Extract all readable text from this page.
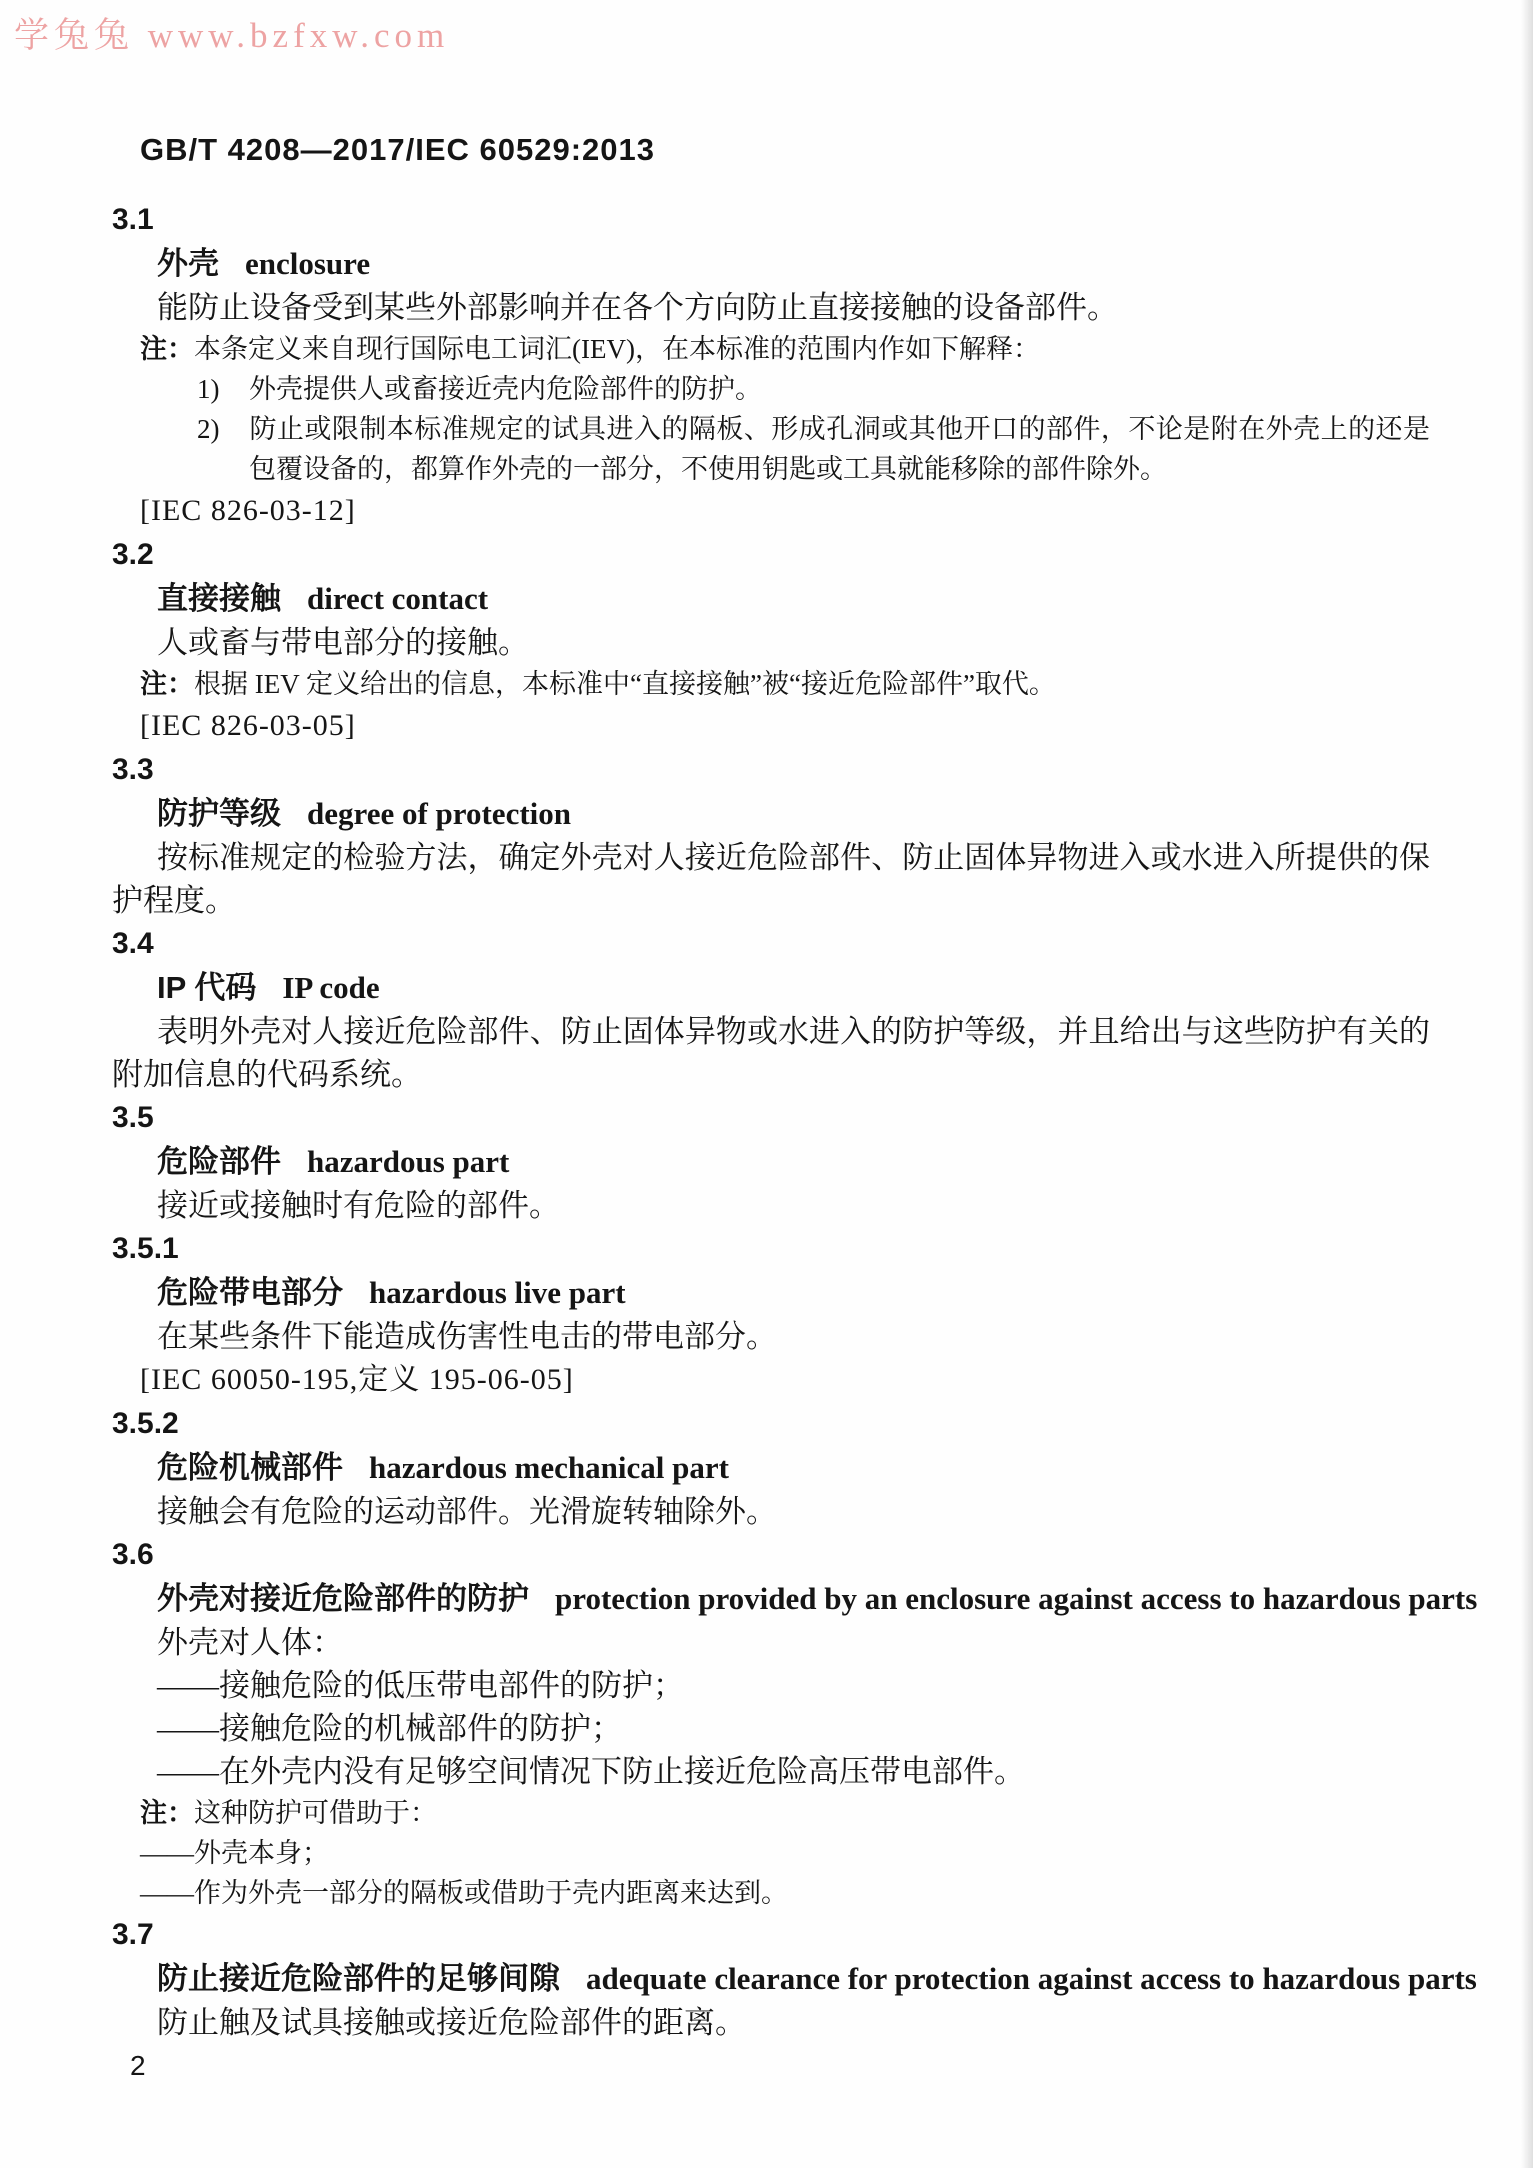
学兔兔 www.bzfxw.com
GB/T 4208—2017/IEC 60529:2013
3.1
外壳 enclosure
能防止设备受到某些外部影响并在各个方向防止直接接触的设备部件。
注：本条定义来自现行国际电工词汇(IEV)，在本标准的范围内作如下解释：
1) 外壳提供人或畜接近壳内危险部件的防护。
2) 防止或限制本标准规定的试具进入的隔板、形成孔洞或其他开口的部件，不论是附在外壳上的还是包覆设备的，都算作外壳的一部分，不使用钥匙或工具就能移除的部件除外。
[IEC 826-03-12]
3.2
直接接触 direct contact
人或畜与带电部分的接触。
注：根据 IEV 定义给出的信息，本标准中“直接接触”被“接近危险部件”取代。
[IEC 826-03-05]
3.3
防护等级 degree of protection
按标准规定的检验方法，确定外壳对人接近危险部件、防止固体异物进入或水进入所提供的保护程度。
3.4
IP 代码 IP code
表明外壳对人接近危险部件、防止固体异物或水进入的防护等级，并且给出与这些防护有关的附加信息的代码系统。
3.5
危险部件 hazardous part
接近或接触时有危险的部件。
3.5.1
危险带电部分 hazardous live part
在某些条件下能造成伤害性电击的带电部分。
[IEC 60050-195,定义 195-06-05]
3.5.2
危险机械部件 hazardous mechanical part
接触会有危险的运动部件。光滑旋转轴除外。
3.6
外壳对接近危险部件的防护 protection provided by an enclosure against access to hazardous parts
外壳对人体：
——接触危险的低压带电部件的防护；
——接触危险的机械部件的防护；
——在外壳内没有足够空间情况下防止接近危险高压带电部件。
注：这种防护可借助于：
——外壳本身；
——作为外壳一部分的隔板或借助于壳内距离来达到。
3.7
防止接近危险部件的足够间隙 adequate clearance for protection against access to hazardous parts
防止触及试具接触或接近危险部件的距离。
2
